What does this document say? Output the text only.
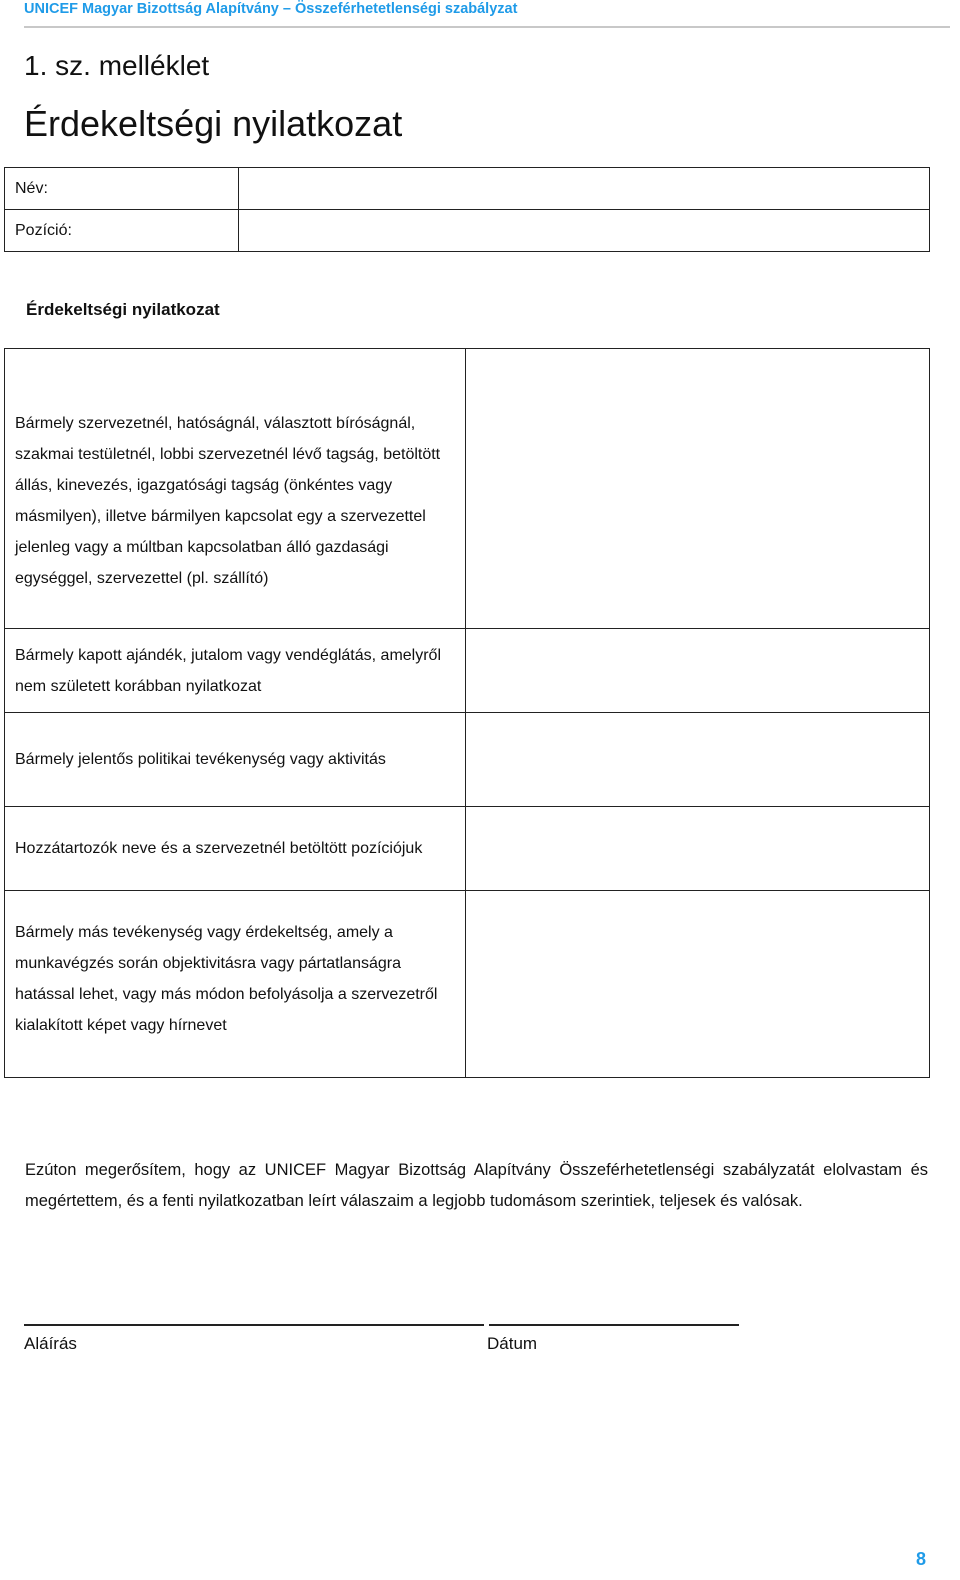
UNICEF Magyar Bizottság Alapítvány – Összeférhetetlenségi szabályzat
1. sz. melléklet
Érdekeltségi nyilatkozat
Név:	
Pozíció:	
Érdekeltségi nyilatkozat
Bármely szervezetnél, hatóságnál, választott bíróságnál, szakmai testületnél, lobbi szervezetnél lévő tagság, betöltött állás, kinevezés, igazgatósági tagság (önkéntes vagy másmilyen), illetve bármilyen kapcsolat egy a szervezettel jelenleg vagy a múltban kapcsolatban álló gazdasági egységgel, szervezettel (pl. szállító)	
Bármely kapott ajándék, jutalom vagy vendéglátás, amelyről nem született korábban nyilatkozat	
Bármely jelentős politikai tevékenység vagy aktivitás	
Hozzátartozók neve és a szervezetnél betöltött pozíciójuk	
Bármely más tevékenység vagy érdekeltség, amely a munkavégzés során objektivitásra vagy pártatlanságra hatással lehet, vagy más módon befolyásolja a szervezetről kialakított képet vagy hírnevet	
Ezúton megerősítem, hogy az UNICEF Magyar Bizottság Alapítvány Összeférhetetlenségi szabályzatát elolvastam és megértettem, és a fenti nyilatkozatban leírt válaszaim a legjobb tudomásom szerintiek, teljesek és valósak.
Aláírás	Dátum
8
